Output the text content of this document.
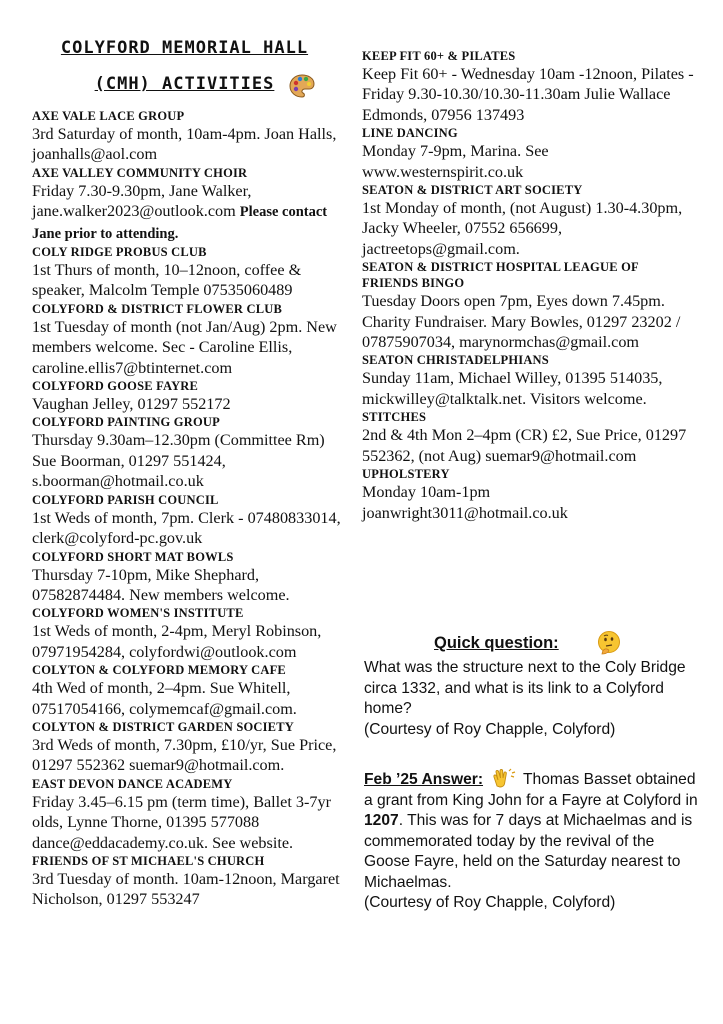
COLYFORD MEMORIAL HALL
(CMH) ACTIVITIES
AXE VALE LACE GROUP
3rd Saturday of month, 10am-4pm. Joan Halls, joanhalls@aol.com
AXE VALLEY COMMUNITY CHOIR
Friday 7.30-9.30pm, Jane Walker, jane.walker2023@outlook.com Please contact Jane prior to attending.
COLY RIDGE PROBUS CLUB
1st Thurs of month, 10–12noon, coffee & speaker, Malcolm Temple 07535060489
COLYFORD & DISTRICT FLOWER CLUB
1st Tuesday of month (not Jan/Aug) 2pm. New members welcome. Sec - Caroline Ellis, caroline.ellis7@btinternet.com
COLYFORD GOOSE FAYRE
Vaughan Jelley, 01297 552172
COLYFORD PAINTING GROUP
Thursday 9.30am–12.30pm (Committee Rm) Sue Boorman, 01297 551424, s.boorman@hotmail.co.uk
COLYFORD PARISH COUNCIL
1st Weds of month, 7pm. Clerk - 07480833014, clerk@colyford-pc.gov.uk
COLYFORD SHORT MAT BOWLS
Thursday 7-10pm, Mike Shephard, 07582874484. New members welcome.
COLYFORD WOMEN'S INSTITUTE
1st Weds of month, 2-4pm, Meryl Robinson, 07971954284, colyfordwi@outlook.com
COLYTON & COLYFORD MEMORY CAFE
4th Wed of month, 2–4pm. Sue Whitell, 07517054166, colymemcaf@gmail.com.
COLYTON & DISTRICT GARDEN SOCIETY
3rd Weds of month, 7.30pm, £10/yr, Sue Price, 01297 552362 suemar9@hotmail.com.
EAST DEVON DANCE ACADEMY
Friday 3.45–6.15 pm (term time), Ballet 3-7yr olds, Lynne Thorne, 01395 577088 dance@eddacademy.co.uk. See website.
FRIENDS OF ST MICHAEL'S CHURCH
3rd Tuesday of month. 10am-12noon, Margaret Nicholson, 01297 553247
KEEP FIT 60+ & PILATES
Keep Fit 60+ - Wednesday 10am -12noon, Pilates - Friday 9.30-10.30/10.30-11.30am Julie Wallace Edmonds, 07956 137493
LINE DANCING
Monday 7-9pm, Marina. See www.westernspirit.co.uk
SEATON & DISTRICT ART SOCIETY
1st Monday of month, (not August) 1.30-4.30pm, Jacky Wheeler, 07552 656699, jactreetops@gmail.com.
SEATON & DISTRICT HOSPITAL LEAGUE OF FRIENDS BINGO
Tuesday Doors open 7pm, Eyes down 7.45pm. Charity Fundraiser. Mary Bowles, 01297 23202 / 07875907034, marynormchas@gmail.com
SEATON CHRISTADELPHIANS
Sunday 11am, Michael Willey, 01395 514035, mickwilley@talktalk.net. Visitors welcome.
STITCHES
2nd & 4th Mon 2–4pm (CR) £2, Sue Price, 01297 552362, (not Aug) suemar9@hotmail.com
UPHOLSTERY
Monday 10am-1pm joanwright3011@hotmail.co.uk
Quick question:

What was the structure next to the Coly Bridge circa 1332, and what is its link to a Colyford home?
(Courtesy of Roy Chapple, Colyford)

Feb ’25 Answer:	Thomas Basset obtained a grant from King John for a Fayre at Colyford in 1207. This was for 7 days at Michaelmas and is commemorated today by the revival of the Goose Fayre, held on the Saturday nearest to Michaelmas.
(Courtesy of Roy Chapple, Colyford)
